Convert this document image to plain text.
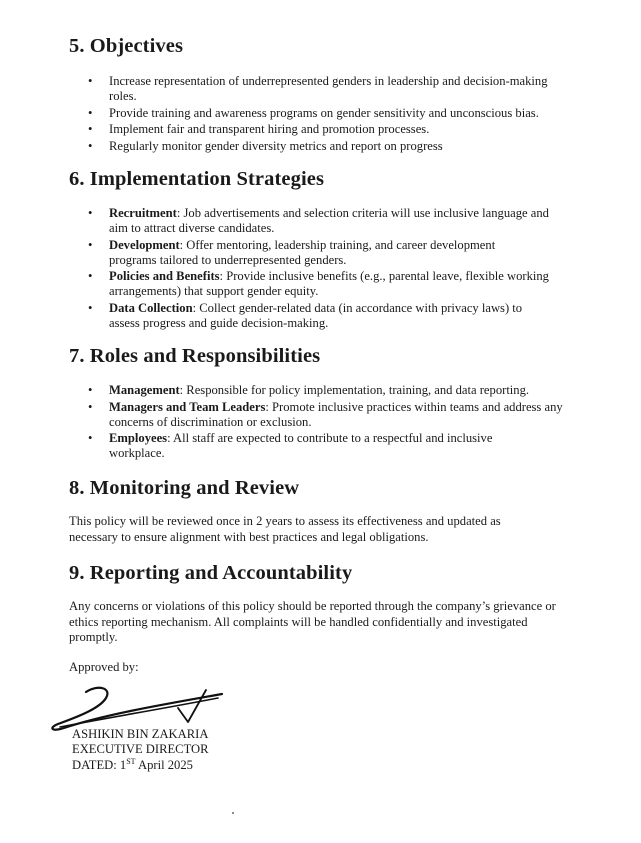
5. Objectives
• Increase representation of underrepresented genders in leadership and decision-making roles.
• Provide training and awareness programs on gender sensitivity and unconscious bias.
• Implement fair and transparent hiring and promotion processes.
• Regularly monitor gender diversity metrics and report on progress
6. Implementation Strategies
• Recruitment: Job advertisements and selection criteria will use inclusive language and aim to attract diverse candidates.
• Development: Offer mentoring, leadership training, and career development programs tailored to underrepresented genders.
• Policies and Benefits: Provide inclusive benefits (e.g., parental leave, flexible working arrangements) that support gender equity.
• Data Collection: Collect gender-related data (in accordance with privacy laws) to assess progress and guide decision-making.
7. Roles and Responsibilities
• Management: Responsible for policy implementation, training, and data reporting.
• Managers and Team Leaders: Promote inclusive practices within teams and address any concerns of discrimination or exclusion.
• Employees: All staff are expected to contribute to a respectful and inclusive workplace.
8. Monitoring and Review

This policy will be reviewed once in 2 years to assess its effectiveness and updated as necessary to ensure alignment with best practices and legal obligations.

9. Reporting and Accountability

Any concerns or violations of this policy should be reported through the company’s grievance or ethics reporting mechanism. All complaints will be handled confidentially and investigated promptly.

Approved by:
ASHIKIN BIN ZAKARIA
EXECUTIVE DIRECTOR
DATED: 1ST April 2025
